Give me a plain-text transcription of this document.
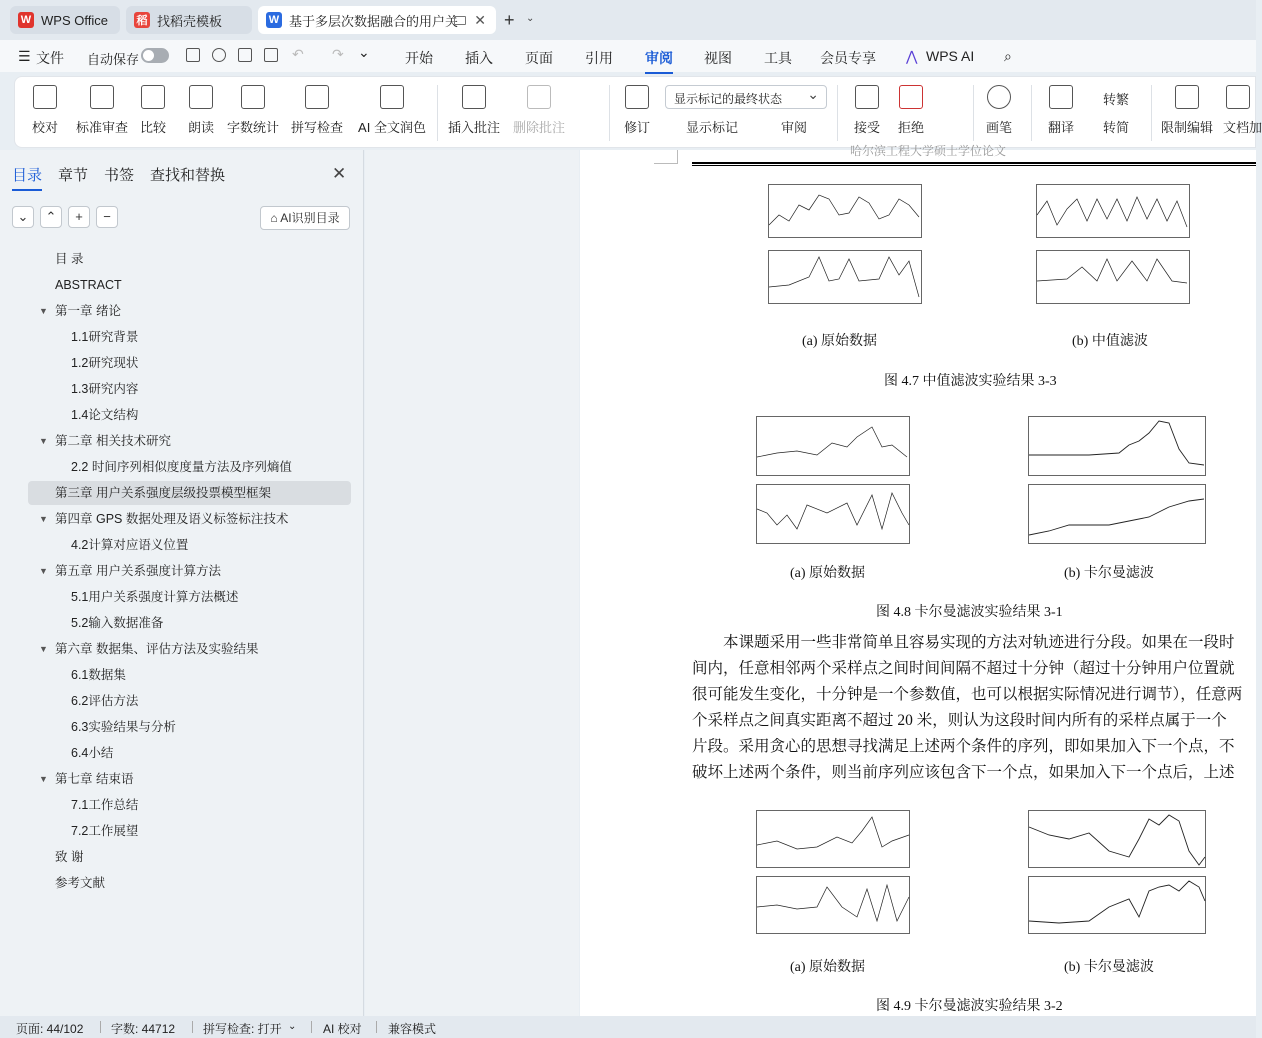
W WPS Office	稻 找稻壳模板	W 基于多层次数据融合的用户关 ✕ + ⌄
☰ 文件 自动保存	开始 插入 页面 引用 审阅 视图 工具 会员专享 ⋀ WPS AI ⌕
↶ ↷ ⌄
校对	标准审查 比较	朗读 字数统计 拼写检查	AI 全文润色 插入批注 删除批注	修订
显示标记的最终状态 ⌄
显示标记	审阅	接受	拒绝	画笔	翻译
转繁
转简	限制编辑 文档加
目录 章节 书签 查找和替换	✕
⌄	⌃	+	−	⌂ AI识别目录
目 录
ABSTRACT
▼ 第一章 绪论
1.1研究背景
1.2研究现状
1.3研究内容
1.4论文结构
▼ 第二章 相关技术研究
2.2 时间序列相似度度量方法及序列熵值
第三章 用户关系强度层级投票模型框架
▼ 第四章 GPS 数据处理及语义标签标注技术
4.2计算对应语义位置
▼ 第五章 用户关系强度计算方法
5.1用户关系强度计算方法概述
5.2输入数据准备
▼ 第六章 数据集、评估方法及实验结果
6.1数据集
6.2评估方法
6.3实验结果与分析
6.4小结
▼ 第七章 结束语
7.1工作总结
7.2工作展望
致 谢
参考文献
哈尔滨工程大学硕士学位论文
(a) 原始数据	(b) 中值滤波
图 4.7 中值滤波实验结果 3-3
(a) 原始数据	(b) 卡尔曼滤波
图 4.8 卡尔曼滤波实验结果 3-1

　　本课题采用一些非常简单且容易实现的方法对轨迹进行分段。如果在一段时

间内，任意相邻两个采样点之间时间间隔不超过十分钟（超过十分钟用户位置就

很可能发生变化，十分钟是一个参数值，也可以根据实际情况进行调节），任意两

个采样点之间真实距离不超过 20 米，则认为这段时间内所有的采样点属于一个

片段。采用贪心的思想寻找满足上述两个条件的序列，即如果加入下一个点，不

破坏上述两个条件，则当前序列应该包含下一个点，如果加入下一个点后，上述

(a) 原始数据	(b) 卡尔曼滤波
图 4.9 卡尔曼滤波实验结果 3-2
页面: 44/102 字数: 44712 拼写检查: 打开 ⌄ AI 校对 兼容模式
